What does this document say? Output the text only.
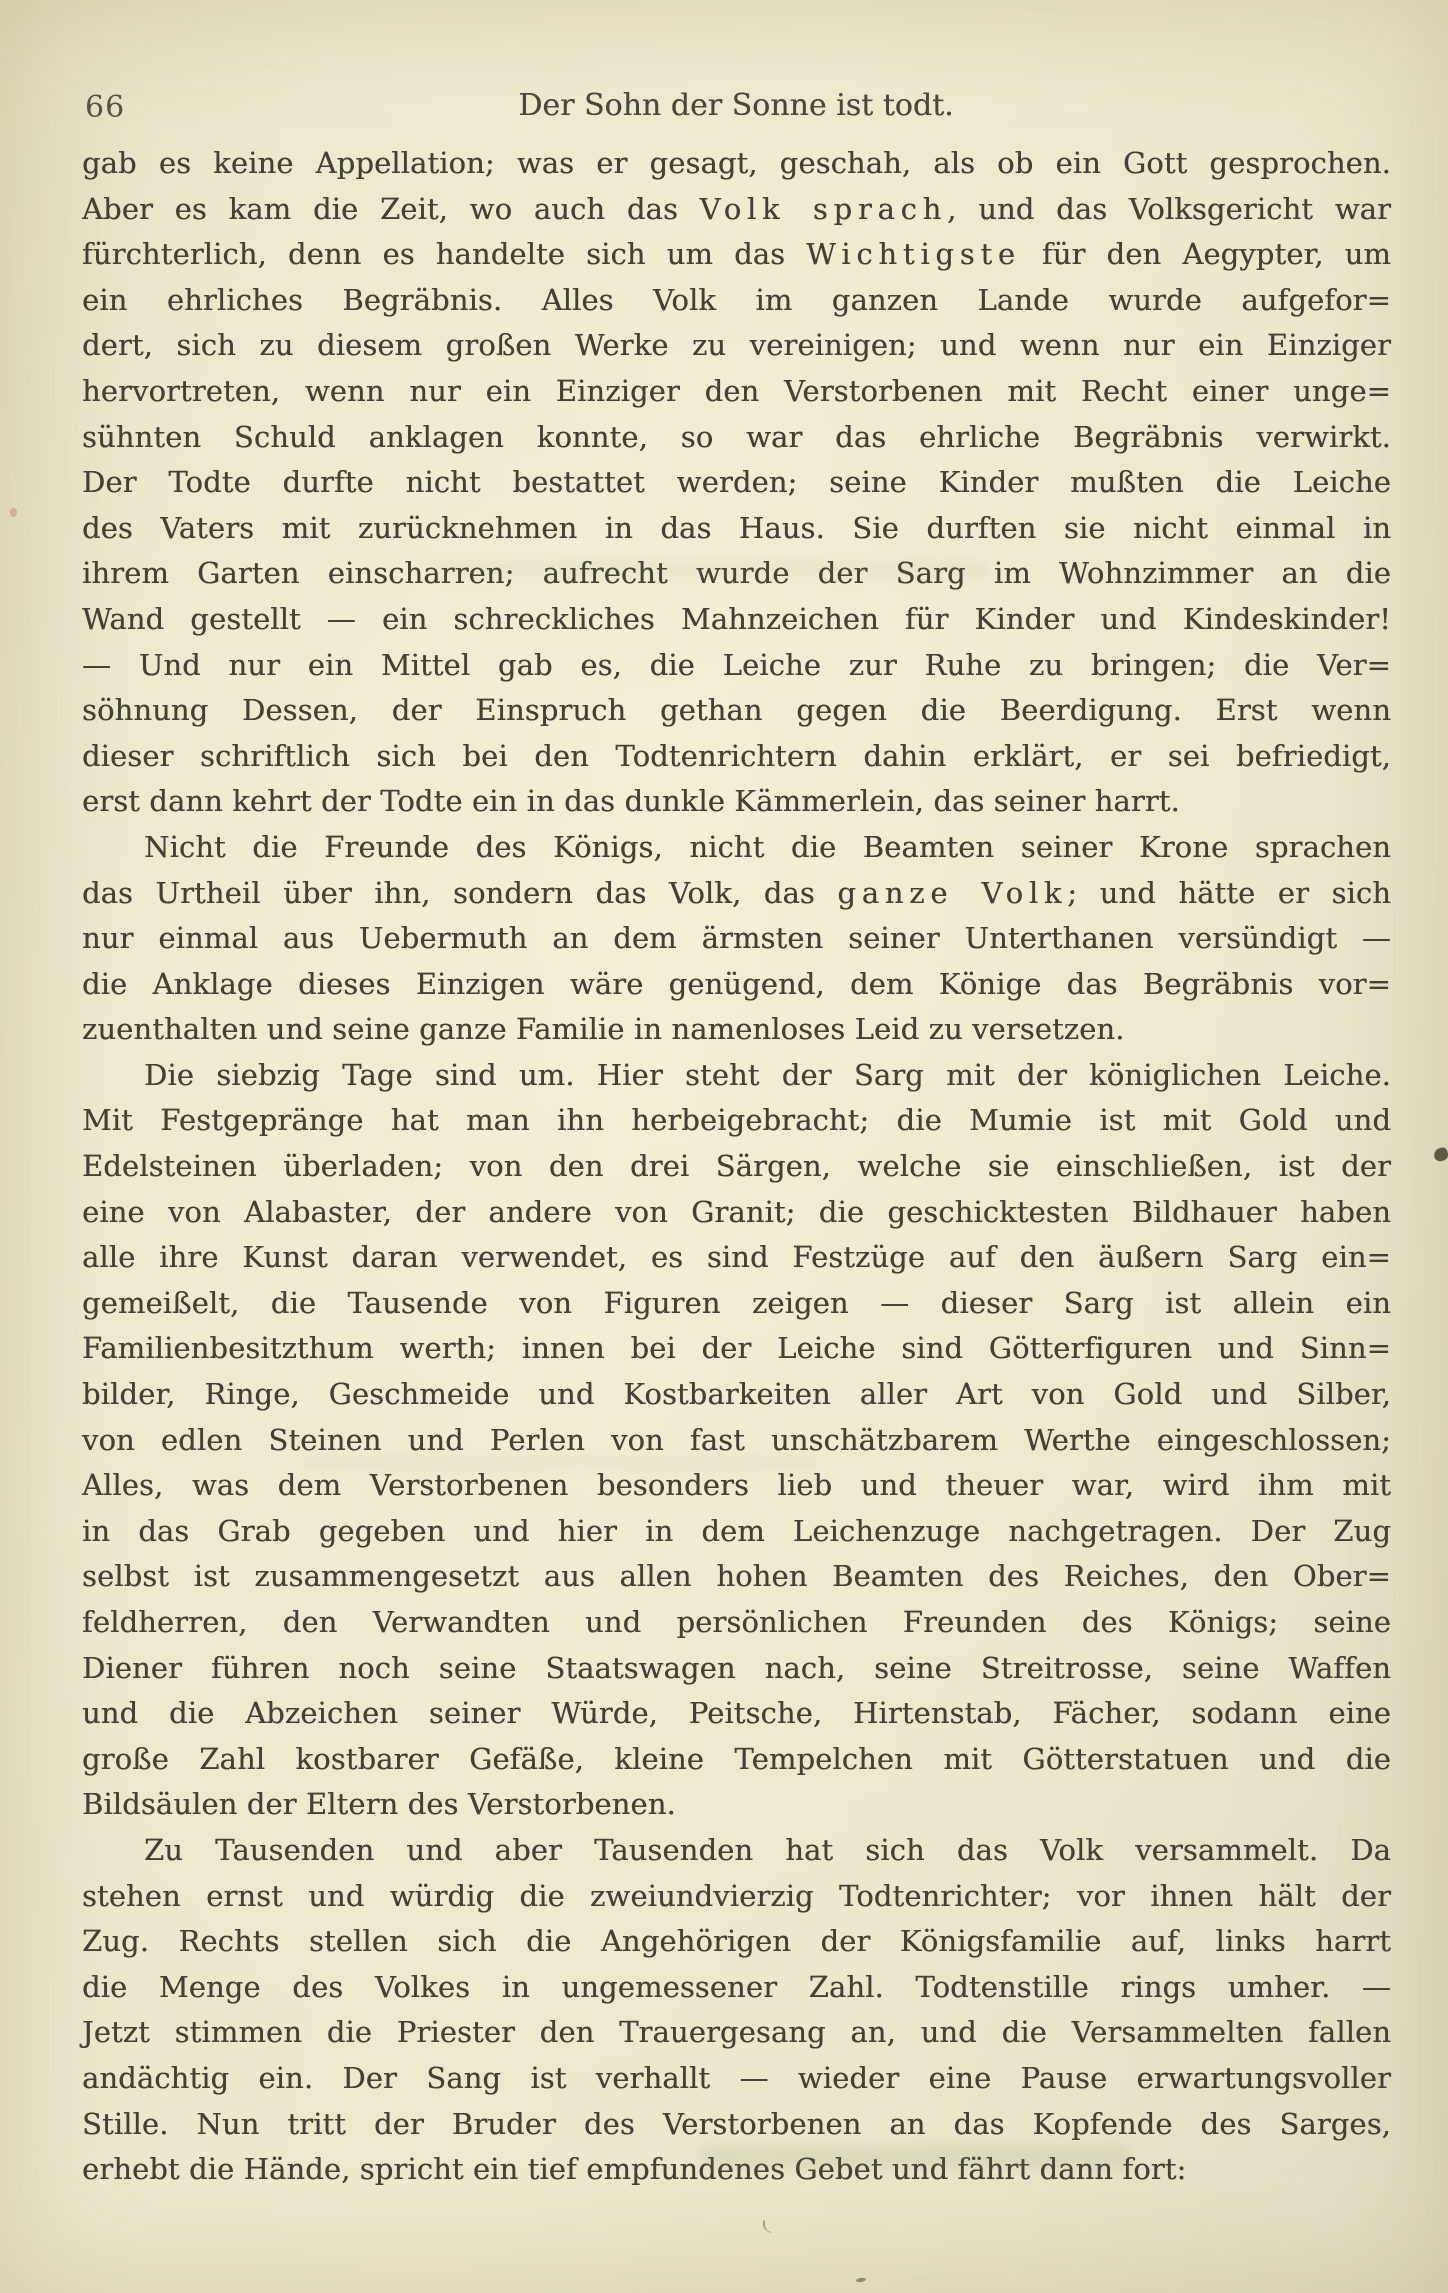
66	Der Sohn der Sonne ist todt.
gab es keine Appellation; was er gesagt, geschah, als ob ein Gott gesprochen.
Aber es kam die Zeit, wo auch das Volk sprach, und das Volksgericht war
fürchterlich, denn es handelte sich um das Wichtigste für den Aegypter, um
ein ehrliches Begräbnis. Alles Volk im ganzen Lande wurde aufgefor=
dert, sich zu diesem großen Werke zu vereinigen; und wenn nur ein Einziger
hervortreten, wenn nur ein Einziger den Verstorbenen mit Recht einer unge=
sühnten Schuld anklagen konnte, so war das ehrliche Begräbnis verwirkt.
Der Todte durfte nicht bestattet werden; seine Kinder mußten die Leiche
des Vaters mit zurücknehmen in das Haus. Sie durften sie nicht einmal in
ihrem Garten einscharren; aufrecht wurde der Sarg im Wohnzimmer an die
Wand gestellt — ein schreckliches Mahnzeichen für Kinder und Kindeskinder!
— Und nur ein Mittel gab es, die Leiche zur Ruhe zu bringen; die Ver=
söhnung Dessen, der Einspruch gethan gegen die Beerdigung. Erst wenn
dieser schriftlich sich bei den Todtenrichtern dahin erklärt, er sei befriedigt,
erst dann kehrt der Todte ein in das dunkle Kämmerlein, das seiner harrt.
Nicht die Freunde des Königs, nicht die Beamten seiner Krone sprachen
das Urtheil über ihn, sondern das Volk, das ganze Volk; und hätte er sich
nur einmal aus Uebermuth an dem ärmsten seiner Unterthanen versündigt —
die Anklage dieses Einzigen wäre genügend, dem Könige das Begräbnis vor=
zuenthalten und seine ganze Familie in namenloses Leid zu versetzen.
Die siebzig Tage sind um. Hier steht der Sarg mit der königlichen Leiche.
Mit Festgepränge hat man ihn herbeigebracht; die Mumie ist mit Gold und
Edelsteinen überladen; von den drei Särgen, welche sie einschließen, ist der
eine von Alabaster, der andere von Granit; die geschicktesten Bildhauer haben
alle ihre Kunst daran verwendet, es sind Festzüge auf den äußern Sarg ein=
gemeißelt, die Tausende von Figuren zeigen — dieser Sarg ist allein ein
Familienbesitzthum werth; innen bei der Leiche sind Götterfiguren und Sinn=
bilder, Ringe, Geschmeide und Kostbarkeiten aller Art von Gold und Silber,
von edlen Steinen und Perlen von fast unschätzbarem Werthe eingeschlossen;
Alles, was dem Verstorbenen besonders lieb und theuer war, wird ihm mit
in das Grab gegeben und hier in dem Leichenzuge nachgetragen. Der Zug
selbst ist zusammengesetzt aus allen hohen Beamten des Reiches, den Ober=
feldherren, den Verwandten und persönlichen Freunden des Königs; seine
Diener führen noch seine Staatswagen nach, seine Streitrosse, seine Waffen
und die Abzeichen seiner Würde, Peitsche, Hirtenstab, Fächer, sodann eine
große Zahl kostbarer Gefäße, kleine Tempelchen mit Götterstatuen und die
Bildsäulen der Eltern des Verstorbenen.
Zu Tausenden und aber Tausenden hat sich das Volk versammelt. Da
stehen ernst und würdig die zweiundvierzig Todtenrichter; vor ihnen hält der
Zug. Rechts stellen sich die Angehörigen der Königsfamilie auf, links harrt
die Menge des Volkes in ungemessener Zahl. Todtenstille rings umher. —
Jetzt stimmen die Priester den Trauergesang an, und die Versammelten fallen
andächtig ein. Der Sang ist verhallt — wieder eine Pause erwartungsvoller
Stille. Nun tritt der Bruder des Verstorbenen an das Kopfende des Sarges,
erhebt die Hände, spricht ein tief empfundenes Gebet und fährt dann fort:
